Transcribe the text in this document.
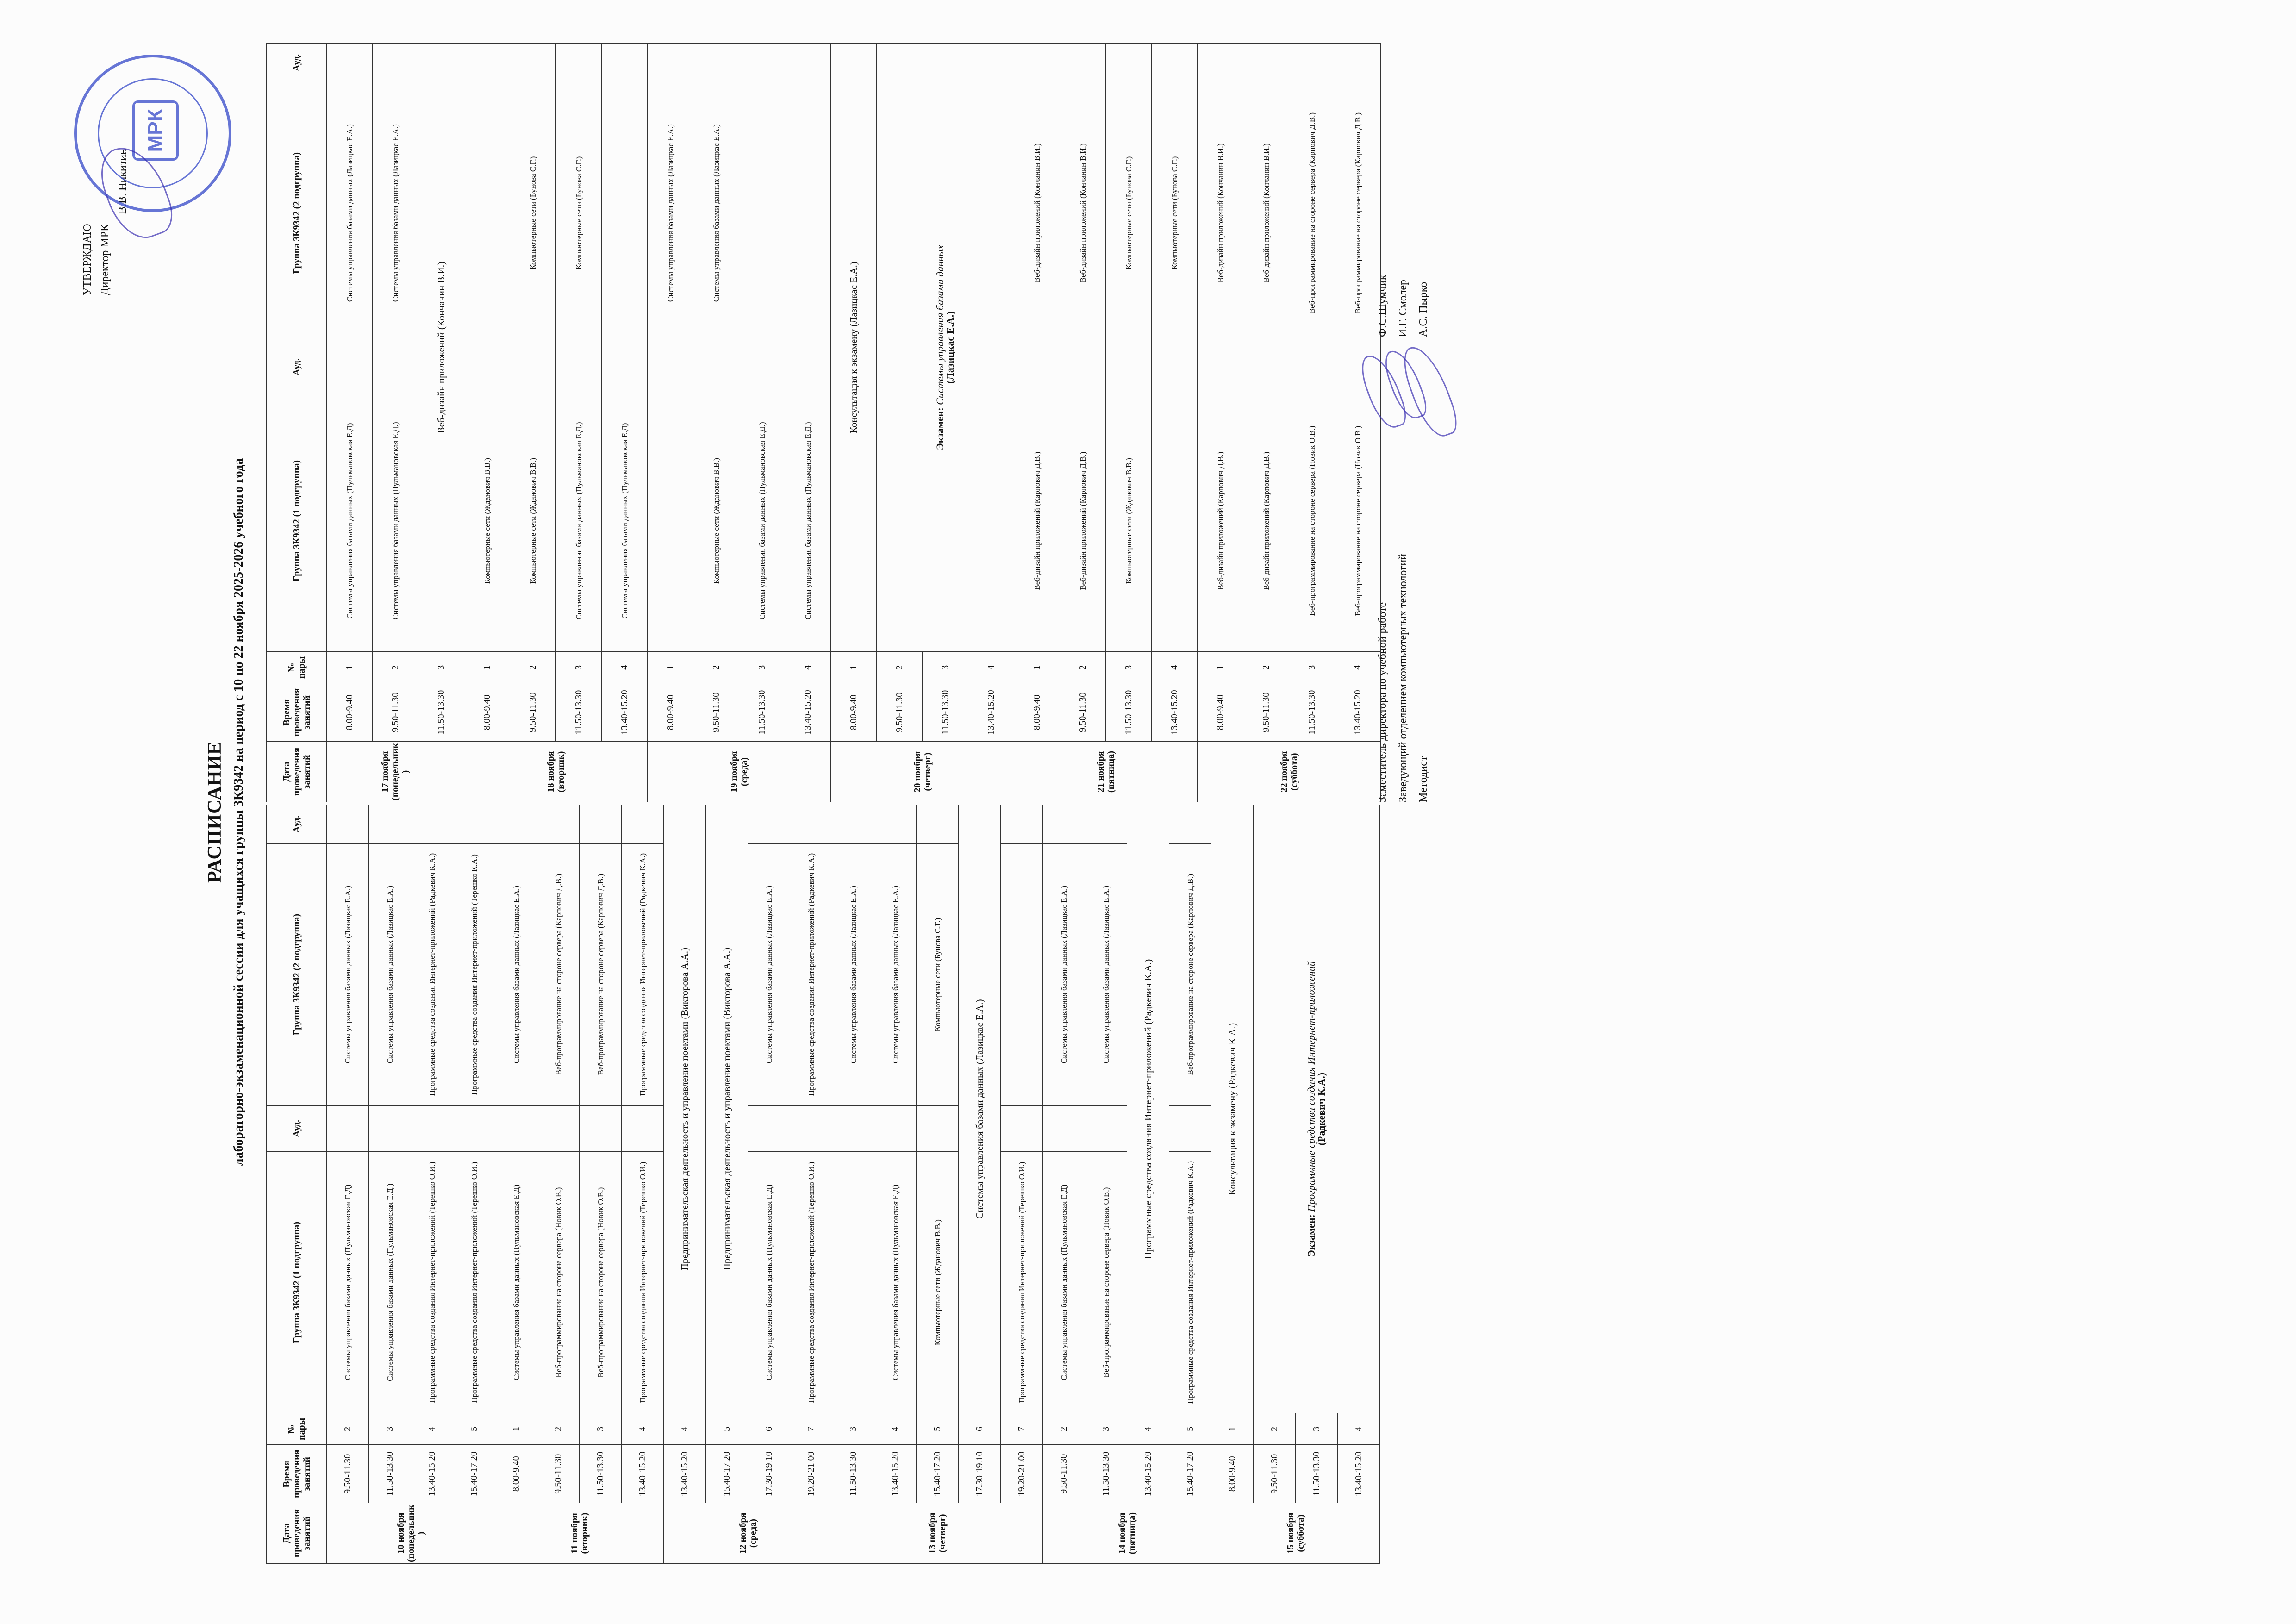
УТВЕРЖДАЮ Директор МРК
В.В. Никитин
МРК
РАСПИСАНИЕ лабораторно-экзаменационной сессии для учащихся группы 3К9342 на период с 10 по 22 ноября 2025-2026 учебного года
Дата проведения занятий	Время проведения занятий	№ пары	Группа 3К9342 (1 подгруппа)	Ауд.	Группа 3К9342 (2 подгруппа)	Ауд.
10 ноября (понедельник)	9.50-11.30	2	Системы управления базами данных (Пульмановская Е.Д)		Системы управления базами данных (Лазицкас Е.А.)	
	11.50-13.30	3	Системы управления базами данных (Пульмановская Е.Д.)		Системы управления базами данных (Лазицкас Е.А.)	
	13.40-15.20	4	Программные средства создания Интернет-приложений (Терешко О.И.)		Программные средства создания Интернет-приложений (Радкевич К.А.)	
	15.40-17.20	5	Программные средства создания Интернет-приложений (Терешко О.И.)		Программные средства создания Интернет-приложений (Терешко К.А.)	
11 ноября (вторник)	8.00-9.40	1	Системы управления базами данных (Пульмановская Е.Д)		Системы управления базами данных (Лазицкас Е.А.)	
	9.50-11.30	2	Веб-программирование на стороне сервера (Новик О.В.)		Веб-программирование на стороне сервера (Карпович Д.В.)	
	11.50-13.30	3	Веб-программирование на стороне сервера (Новик О.В.)		Веб-программирование на стороне сервера (Карпович Д.В.)	
	13.40-15.20	4	Программные средства создания Интернет-приложений (Терешко О.И.)		Программные средства создания Интернет-приложений (Радкевич К.А.)	
12 ноября (среда)	13.40-15.20	4	Предпринимательская деятельность и управление поектами (Викторова А.А.)			
	15.40-17.20	5	Предпринимательская деятельность и управление поектами (Викторова А.А.)			
	17.30-19.10	6	Системы управления базами данных (Пульмановская Е.Д)		Системы управления базами данных (Лазицкас Е.А.)	
	19.20-21.00	7	Программные средства создания Интернет-приложений (Терешко О.И.)		Программные средства создания Интернет-приложений (Радкевич К.А.)	
13 ноября (четверг)	11.50-13.30	3			Системы управления базами данных (Лазицкас Е.А.)	
	13.40-15.20	4	Системы управления базами данных (Пульмановская Е.Д)		Системы управления базами данных (Лазицкас Е.А.)	
	15.40-17.20	5	Компьютерные сети (Жданович В.В.)		Компьютерные сети (Бунова С.Г.)	
	17.30-19.10	6	Системы управления базами данных (Лазицкас Е.А.)			
	19.20-21.00	7	Программные средства создания Интернет-приложений (Терешко О.И.)			
14 ноября (пятница)	9.50-11.30	2	Системы управления базами данных (Пульмановская Е.Д)		Системы управления базами данных (Лазицкас Е.А.)	
	11.50-13.30	3	Веб-программирование на стороне сервера (Новик О.В.)		Системы управления базами данных (Лазицкас Е.А.)	
	13.40-15.20	4	Программные средства создания Интернет-приложений (Радкевич К.А.)			
	15.40-17.20	5	Программные средства создания Интернет-приложений (Радкевич К.А.)		Веб-программирование на стороне сервера (Карпович Д.В.)	
15 ноября (суббота)	8.00-9.40	1	Консультация к экзамену (Радкевич К.А.)			
	9.50-11.30	2	Экзамен: Программные средства создания Интернет-приложений
(Радкевич К.А.)			

	11.50-13.30	3				
	13.40-15.20	4				
Дата проведения занятий	Время проведения занятий	№ пары	Группа 3К9342 (1 подгруппа)	Ауд.	Группа 3К9342 (2 подгруппа)	Ауд.
17 ноября (понедельник)	8.00-9.40	1	Системы управления базами данных (Пульмановская Е.Д)		Системы управления базами данных (Лазицкас Е.А.)	
	9.50-11.30	2	Системы управления базами данных (Пульмановская Е.Д.)		Системы управления базами данных (Лазицкас Е.А.)	
	11.50-13.30	3	Веб-дизайн приложений (Кончанин В.И.)			
18 ноября (вторник)	8.00-9.40	1	Компьютерные сети (Жданович В.В.)			
	9.50-11.30	2	Компьютерные сети (Жданович В.В.)		Компьютерные сети (Бунова С.Г.)	
	11.50-13.30	3	Системы управления базами данных (Пульмановская Е.Д.)		Компьютерные сети (Бунова С.Г.)	
	13.40-15.20	4	Системы управления базами данных (Пульмановская Е.Д)			
19 ноября (среда)	8.00-9.40	1			Системы управления базами данных (Лазицкас Е.А.)	
	9.50-11.30	2	Компьютерные сети (Жданович В.В.)		Системы управления базами данных (Лазицкас Е.А.)	
	11.50-13.30	3	Системы управления базами данных (Пульмановская Е.Д.)			
	13.40-15.20	4	Системы управления базами данных (Пульмановская Е.Д.)			
20 ноября (четверг)	8.00-9.40	1	Консультация к экзамену (Лазицкас Е.А.)			
	9.50-11.30	2	Экзамен: Системы управления базами данных
(Лазицкас Е.А.)			

	11.50-13.30	3				
	13.40-15.20	4				
21 ноября (пятница)	8.00-9.40	1	Веб-дизайн приложений (Карпович Д.В.)		Веб-дизайн приложений (Кончанин В.И.)	
	9.50-11.30	2	Веб-дизайн приложений (Карпович Д.В.)		Веб-дизайн приложений (Кончанин В.И.)	
	11.50-13.30	3	Компьютерные сети (Жданович В.В.)		Компьютерные сети (Бунова С.Г.)	
	13.40-15.20	4			Компьютерные сети (Бунова С.Г.)	
22 ноября (суббота)	8.00-9.40	1	Веб-дизайн приложений (Карпович Д.В.)		Веб-дизайн приложений (Кончанин В.И.)	
	9.50-11.30	2	Веб-дизайн приложений (Карпович Д.В.)		Веб-дизайн приложений (Кончанин В.И.)	
	11.50-13.30	3	Веб-программирование на стороне сервера (Новик О.В.)		Веб-программирование на стороне сервера (Карпович Д.В.)	
	13.40-15.20	4	Веб-программирование на стороне сервера (Новик О.В.)		Веб-программирование на стороне сервера (Карпович Д.В.)	
Заместитель директора по учебной работе Заведующий отделением компьютерных технологий Методист
Ф.С.Шумчик И.Г. Смолер А.С. Пырко
